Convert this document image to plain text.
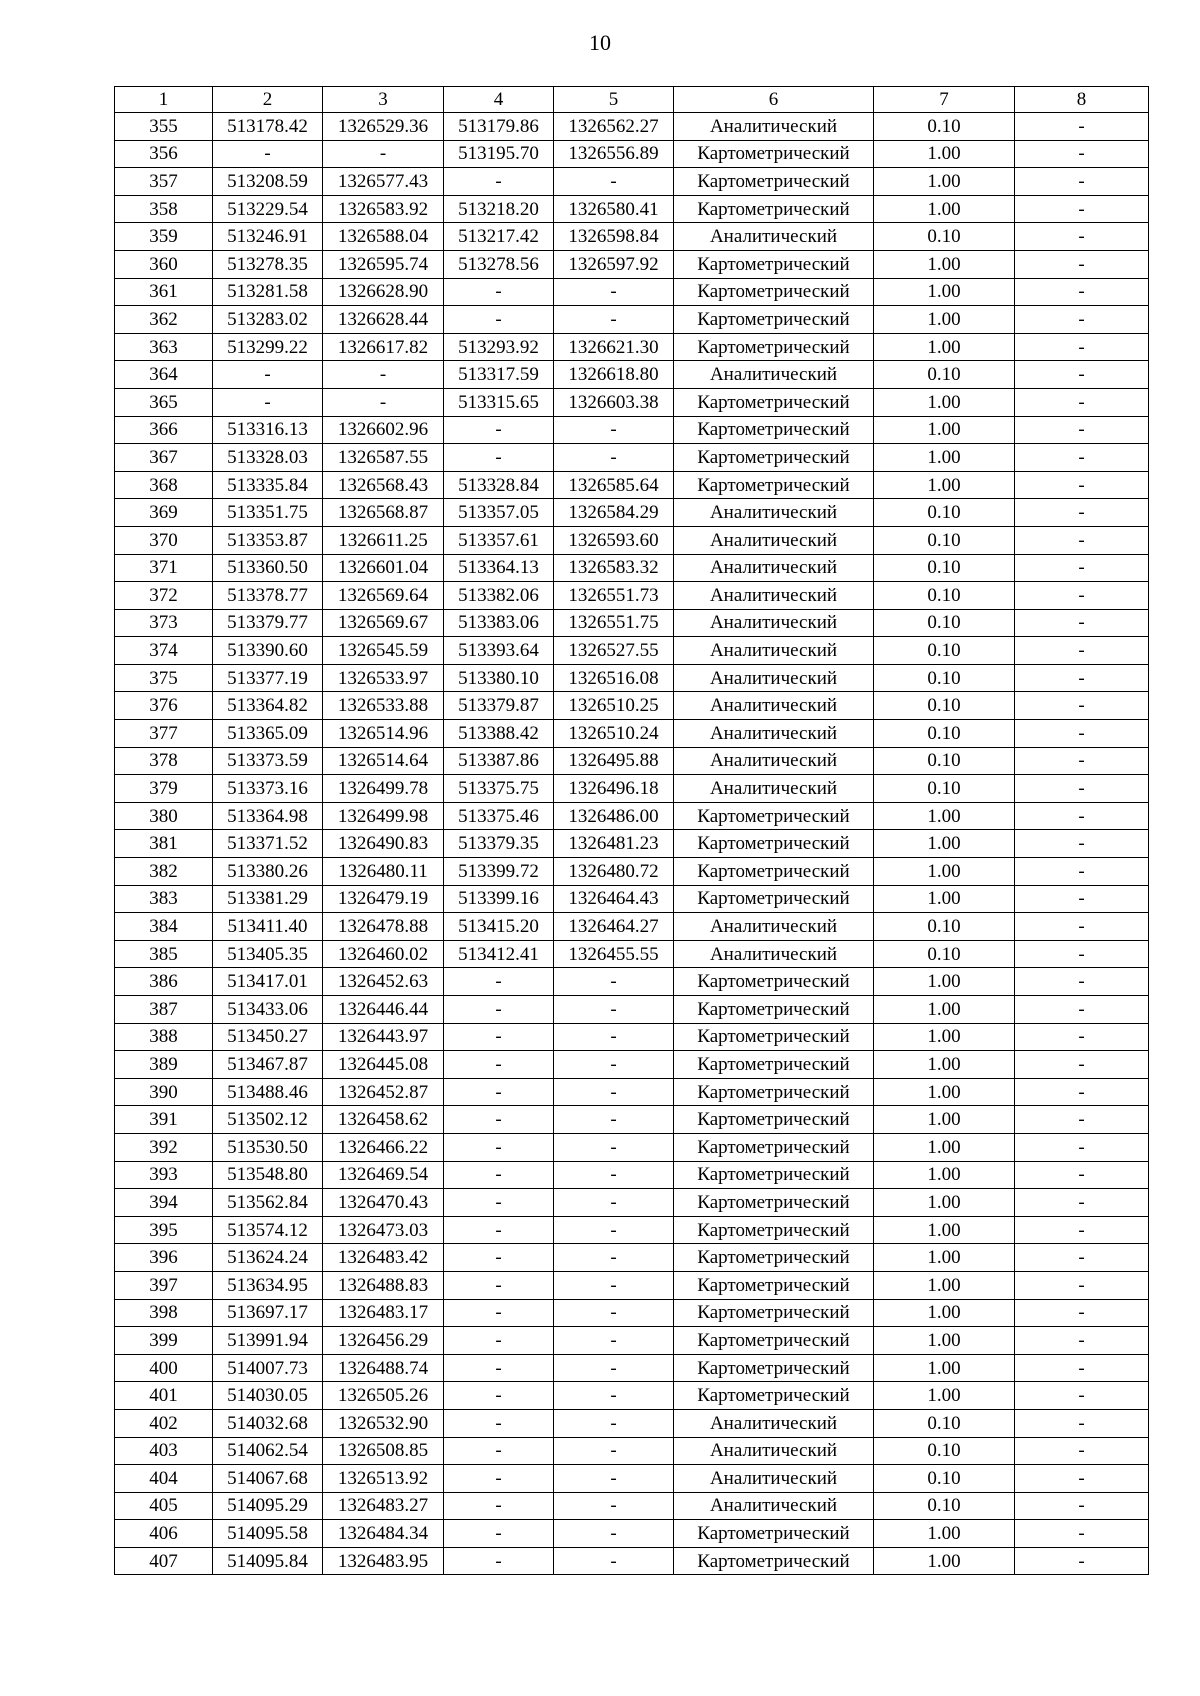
10
1	2	3	4	5	6	7	8
355	513178.42	1326529.36	513179.86	1326562.27	Аналитический	0.10	-
356	-	-	513195.70	1326556.89	Картометрический	1.00	-
357	513208.59	1326577.43	-	-	Картометрический	1.00	-
358	513229.54	1326583.92	513218.20	1326580.41	Картометрический	1.00	-
359	513246.91	1326588.04	513217.42	1326598.84	Аналитический	0.10	-
360	513278.35	1326595.74	513278.56	1326597.92	Картометрический	1.00	-
361	513281.58	1326628.90	-	-	Картометрический	1.00	-
362	513283.02	1326628.44	-	-	Картометрический	1.00	-
363	513299.22	1326617.82	513293.92	1326621.30	Картометрический	1.00	-
364	-	-	513317.59	1326618.80	Аналитический	0.10	-
365	-	-	513315.65	1326603.38	Картометрический	1.00	-
366	513316.13	1326602.96	-	-	Картометрический	1.00	-
367	513328.03	1326587.55	-	-	Картометрический	1.00	-
368	513335.84	1326568.43	513328.84	1326585.64	Картометрический	1.00	-
369	513351.75	1326568.87	513357.05	1326584.29	Аналитический	0.10	-
370	513353.87	1326611.25	513357.61	1326593.60	Аналитический	0.10	-
371	513360.50	1326601.04	513364.13	1326583.32	Аналитический	0.10	-
372	513378.77	1326569.64	513382.06	1326551.73	Аналитический	0.10	-
373	513379.77	1326569.67	513383.06	1326551.75	Аналитический	0.10	-
374	513390.60	1326545.59	513393.64	1326527.55	Аналитический	0.10	-
375	513377.19	1326533.97	513380.10	1326516.08	Аналитический	0.10	-
376	513364.82	1326533.88	513379.87	1326510.25	Аналитический	0.10	-
377	513365.09	1326514.96	513388.42	1326510.24	Аналитический	0.10	-
378	513373.59	1326514.64	513387.86	1326495.88	Аналитический	0.10	-
379	513373.16	1326499.78	513375.75	1326496.18	Аналитический	0.10	-
380	513364.98	1326499.98	513375.46	1326486.00	Картометрический	1.00	-
381	513371.52	1326490.83	513379.35	1326481.23	Картометрический	1.00	-
382	513380.26	1326480.11	513399.72	1326480.72	Картометрический	1.00	-
383	513381.29	1326479.19	513399.16	1326464.43	Картометрический	1.00	-
384	513411.40	1326478.88	513415.20	1326464.27	Аналитический	0.10	-
385	513405.35	1326460.02	513412.41	1326455.55	Аналитический	0.10	-
386	513417.01	1326452.63	-	-	Картометрический	1.00	-
387	513433.06	1326446.44	-	-	Картометрический	1.00	-
388	513450.27	1326443.97	-	-	Картометрический	1.00	-
389	513467.87	1326445.08	-	-	Картометрический	1.00	-
390	513488.46	1326452.87	-	-	Картометрический	1.00	-
391	513502.12	1326458.62	-	-	Картометрический	1.00	-
392	513530.50	1326466.22	-	-	Картометрический	1.00	-
393	513548.80	1326469.54	-	-	Картометрический	1.00	-
394	513562.84	1326470.43	-	-	Картометрический	1.00	-
395	513574.12	1326473.03	-	-	Картометрический	1.00	-
396	513624.24	1326483.42	-	-	Картометрический	1.00	-
397	513634.95	1326488.83	-	-	Картометрический	1.00	-
398	513697.17	1326483.17	-	-	Картометрический	1.00	-
399	513991.94	1326456.29	-	-	Картометрический	1.00	-
400	514007.73	1326488.74	-	-	Картометрический	1.00	-
401	514030.05	1326505.26	-	-	Картометрический	1.00	-
402	514032.68	1326532.90	-	-	Аналитический	0.10	-
403	514062.54	1326508.85	-	-	Аналитический	0.10	-
404	514067.68	1326513.92	-	-	Аналитический	0.10	-
405	514095.29	1326483.27	-	-	Аналитический	0.10	-
406	514095.58	1326484.34	-	-	Картометрический	1.00	-
407	514095.84	1326483.95	-	-	Картометрический	1.00	-
